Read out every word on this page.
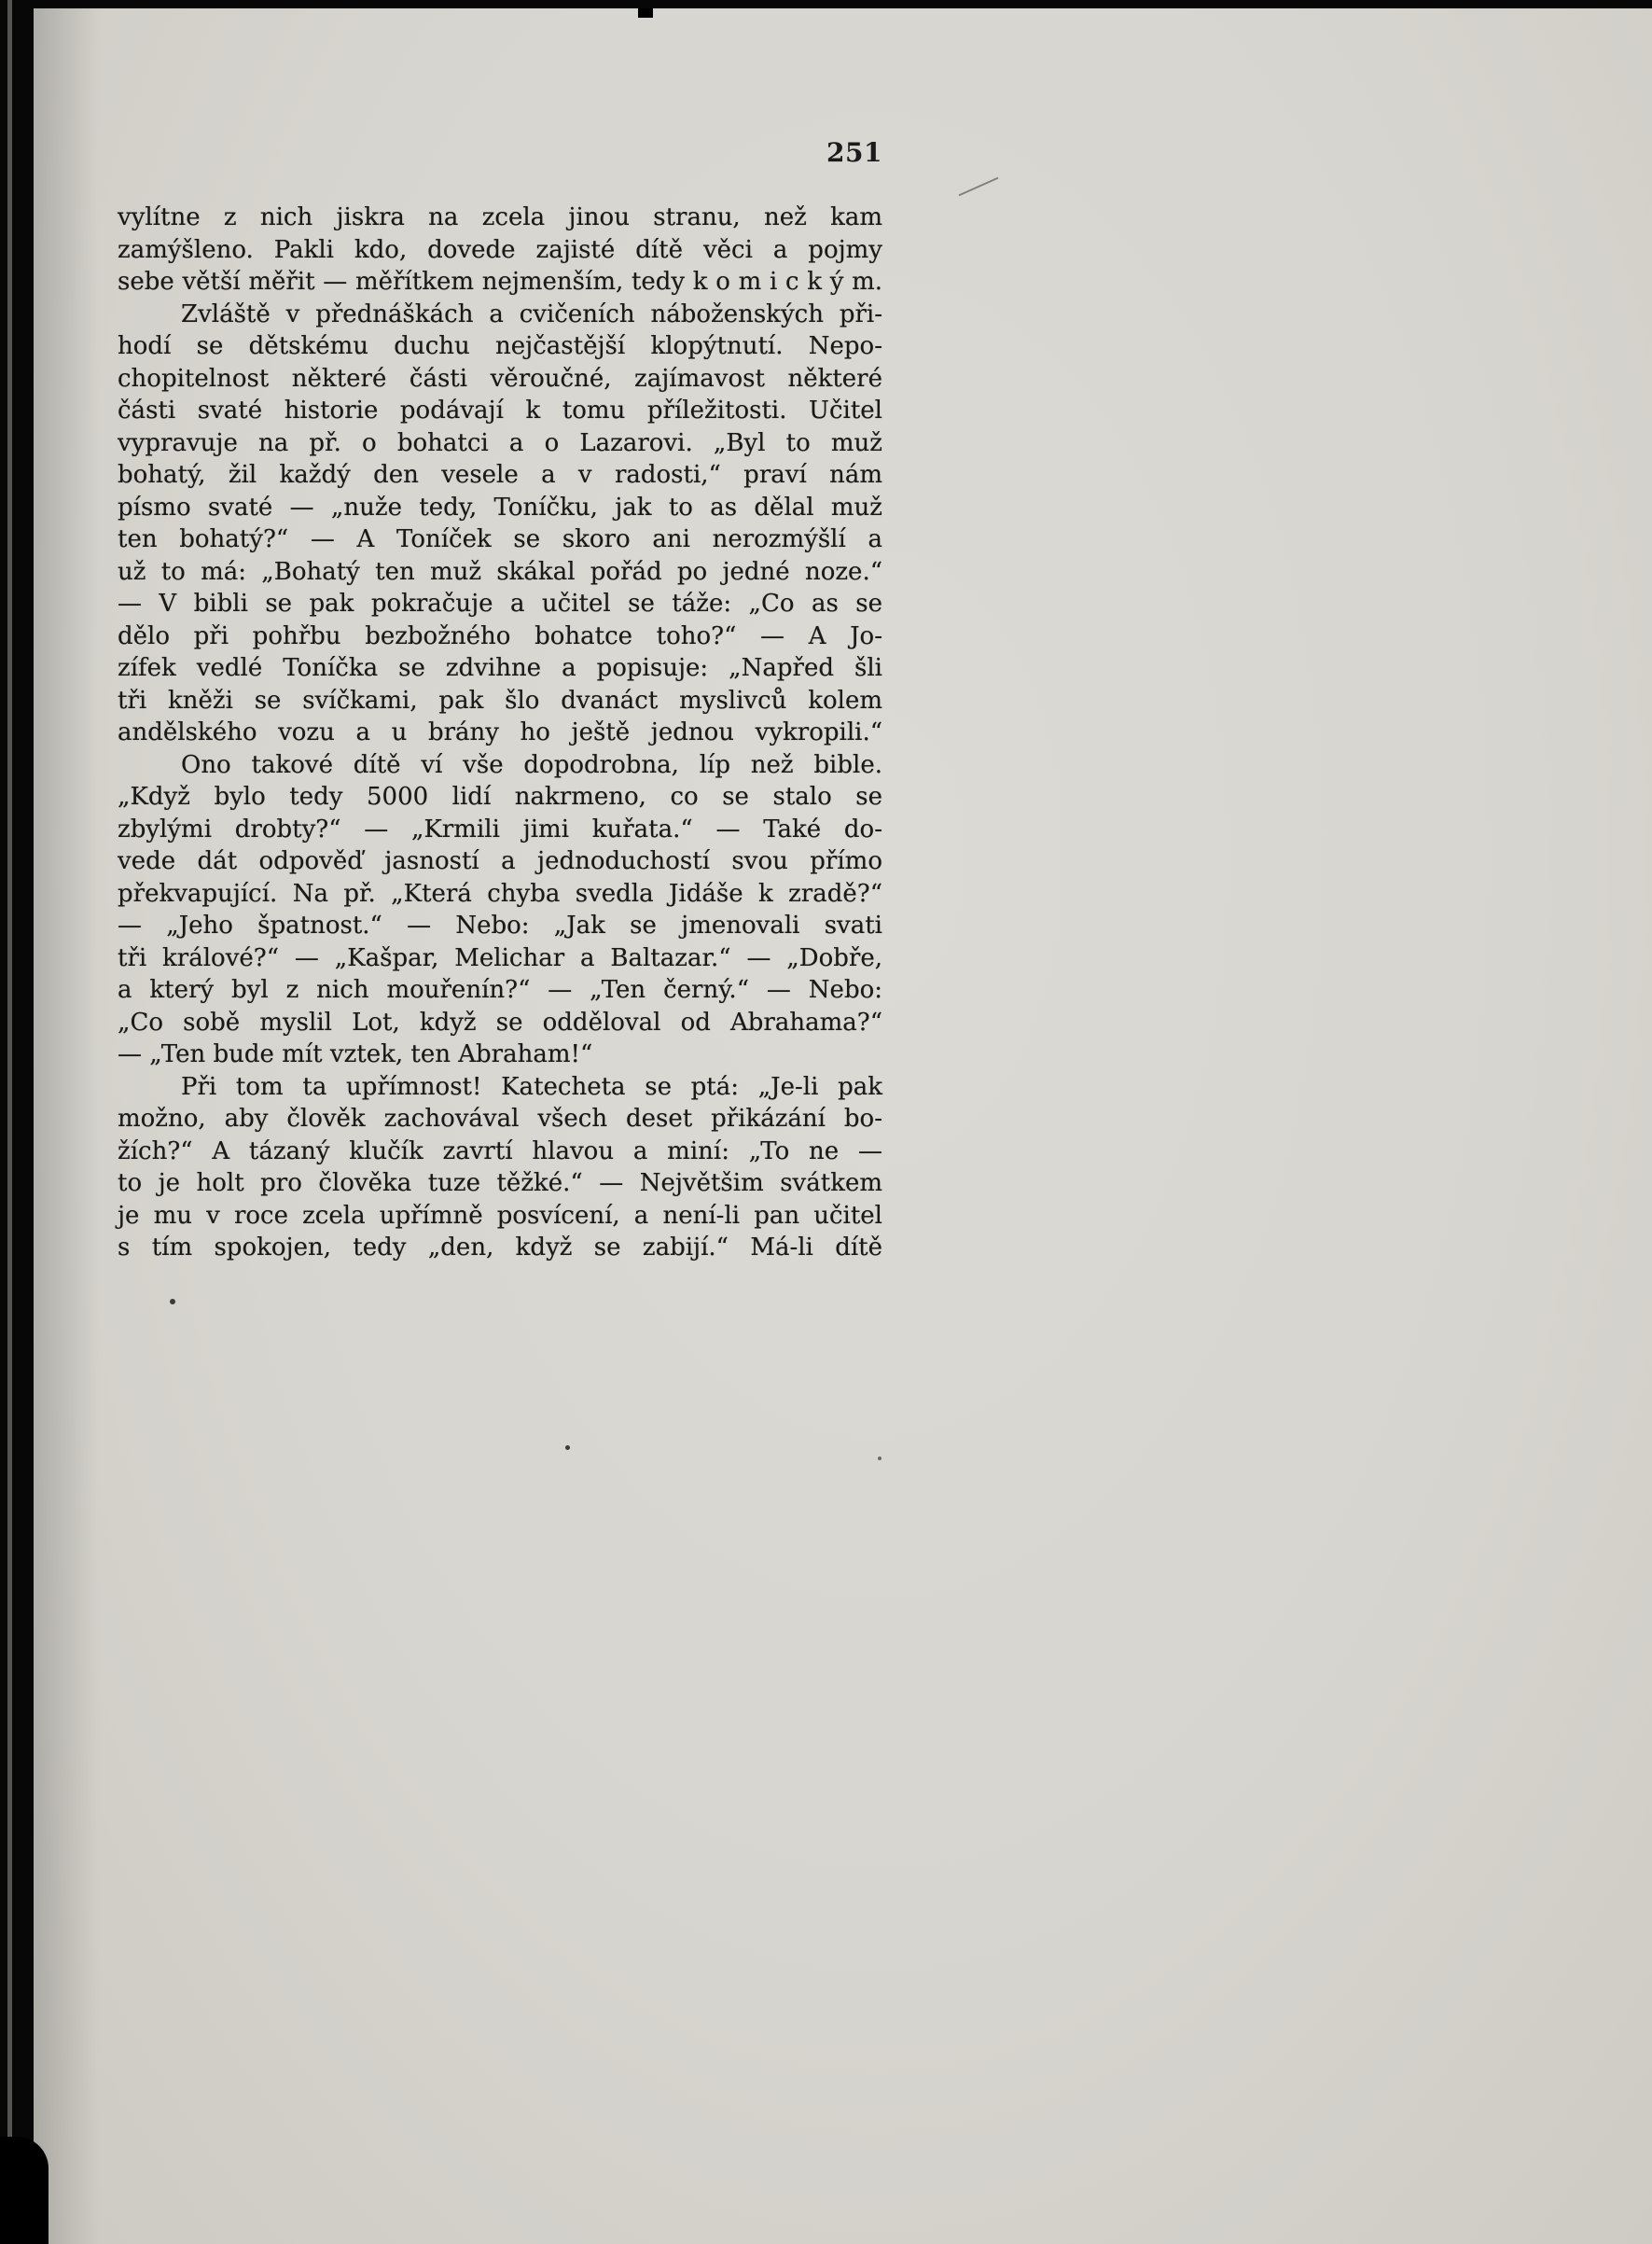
251
vylítne z nich jiskra na zcela jinou stranu, než kam
zamýšleno. Pakli kdo, dovede zajisté dítě věci a pojmy
sebe větší měřit — měřítkem nejmenším, tedy k o m i c k ý m.
Zvláště v přednáškách a cvičeních náboženských při-
hodí se dětskému duchu nejčastější klopýtnutí. Nepo-
chopitelnost některé části věroučné, zajímavost některé
části svaté historie podávají k tomu příležitosti. Učitel
vypravuje na př. o bohatci a o Lazarovi. „Byl to muž
bohatý, žil každý den vesele a v radosti,“ praví nám
písmo svaté — „nuže tedy, Toníčku, jak to as dělal muž
ten bohatý?“ — A Toníček se skoro ani nerozmýšlí a
už to má: „Bohatý ten muž skákal pořád po jedné noze.“
— V bibli se pak pokračuje a učitel se táže: „Co as se
dělo při pohřbu bezbožného bohatce toho?“ — A Jo-
zífek vedlé Toníčka se zdvihne a popisuje: „Napřed šli
tři kněži se svíčkami, pak šlo dvanáct myslivců kolem
andělského vozu a u brány ho ještě jednou vykropili.“
Ono takové dítě ví vše dopodrobna, líp než bible.
„Když bylo tedy 5000 lidí nakrmeno, co se stalo se
zbylými drobty?“ — „Krmili jimi kuřata.“ — Také do-
vede dát odpověď jasností a jednoduchostí svou přímo
překvapující. Na př. „Která chyba svedla Jidáše k zradě?“
— „Jeho špatnost.“ — Nebo: „Jak se jmenovali svati
tři králové?“ — „Kašpar, Melichar a Baltazar.“ — „Dobře,
a který byl z nich mouřenín?“ — „Ten černý.“ — Nebo:
„Co sobě myslil Lot, když se odděloval od Abrahama?“
— „Ten bude mít vztek, ten Abraham!“
Při tom ta upřímnost! Katecheta se ptá: „Je-li pak
možno, aby člověk zachovával všech deset přikázání bo-
žích?“ A tázaný klučík zavrtí hlavou a miní: „To ne —
to je holt pro člověka tuze těžké.“ — Největšim svátkem
je mu v roce zcela upřímně posvícení, a není-li pan učitel
s tím spokojen, tedy „den, když se zabijí.“ Má-li dítě
